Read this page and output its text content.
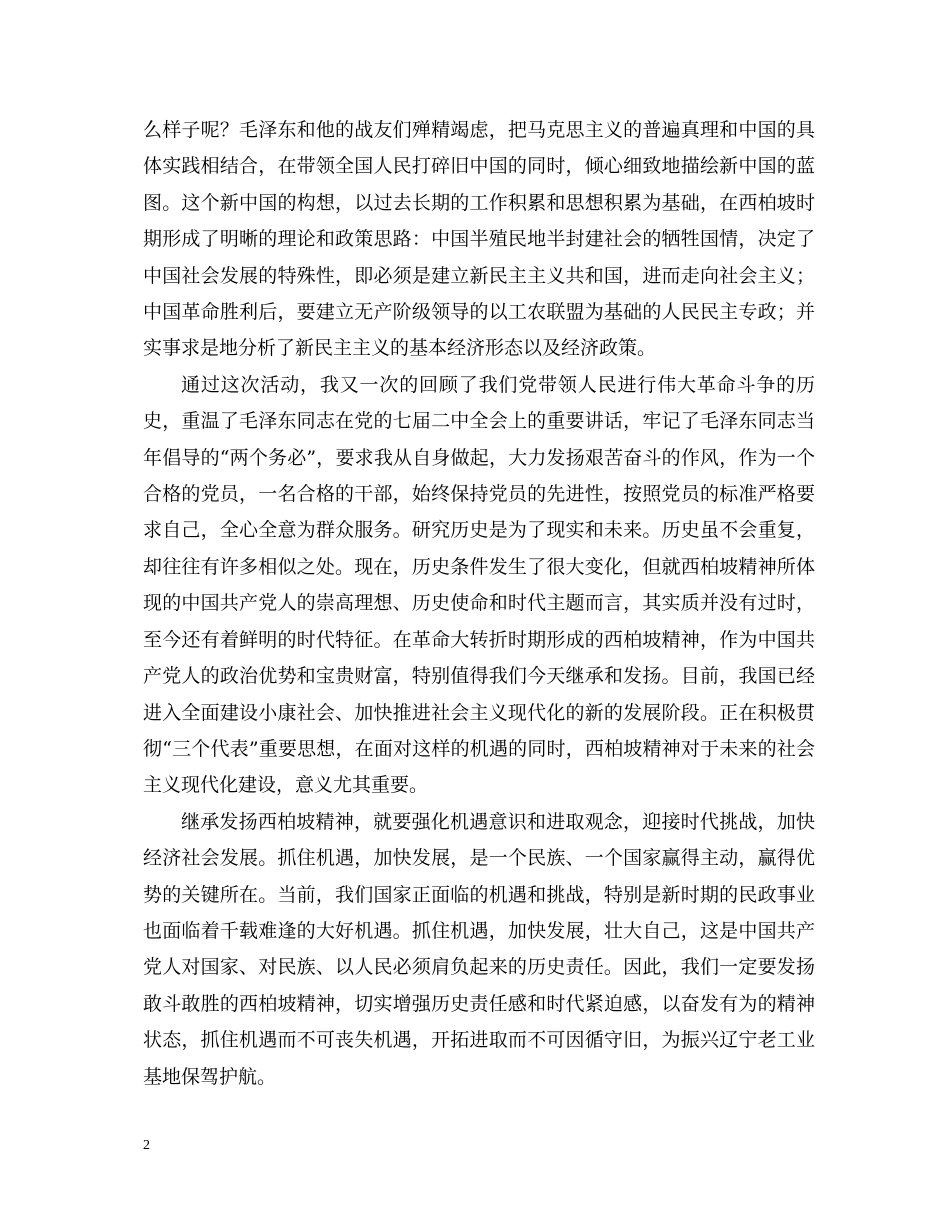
么样子呢？毛泽东和他的战友们殚精竭虑，把马克思主义的普遍真理和中国的具体实践相结合，在带领全国人民打碎旧中国的同时，倾心细致地描绘新中国的蓝图。这个新中国的构想，以过去长期的工作积累和思想积累为基础，在西柏坡时期形成了明晰的理论和政策思路：中国半殖民地半封建社会的牺牲国情，决定了中国社会发展的特殊性，即必须是建立新民主主义共和国，进而走向社会主义；中国革命胜利后，要建立无产阶级领导的以工农联盟为基础的人民民主专政；并实事求是地分析了新民主主义的基本经济形态以及经济政策。

通过这次活动，我又一次的回顾了我们党带领人民进行伟大革命斗争的历史，重温了毛泽东同志在党的七届二中全会上的重要讲话，牢记了毛泽东同志当年倡导的“两个务必”，要求我从自身做起，大力发扬艰苦奋斗的作风，作为一个合格的党员，一名合格的干部，始终保持党员的先进性，按照党员的标准严格要求自己，全心全意为群众服务。研究历史是为了现实和未来。历史虽不会重复，却往往有许多相似之处。现在，历史条件发生了很大变化，但就西柏坡精神所体现的中国共产党人的崇高理想、历史使命和时代主题而言，其实质并没有过时，至今还有着鲜明的时代特征。在革命大转折时期形成的西柏坡精神，作为中国共产党人的政治优势和宝贵财富，特别值得我们今天继承和发扬。目前，我国已经进入全面建设小康社会、加快推进社会主义现代化的新的发展阶段。正在积极贯彻“三个代表”重要思想，在面对这样的机遇的同时，西柏坡精神对于未来的社会主义现代化建设，意义尤其重要。

继承发扬西柏坡精神，就要强化机遇意识和进取观念，迎接时代挑战，加快经济社会发展。抓住机遇，加快发展，是一个民族、一个国家赢得主动，赢得优势的关键所在。当前，我们国家正面临的机遇和挑战，特别是新时期的民政事业也面临着千载难逢的大好机遇。抓住机遇，加快发展，壮大自己，这是中国共产党人对国家、对民族、以人民必须肩负起来的历史责任。因此，我们一定要发扬敢斗敢胜的西柏坡精神，切实增强历史责任感和时代紧迫感，以奋发有为的精神状态，抓住机遇而不可丧失机遇，开拓进取而不可因循守旧，为振兴辽宁老工业基地保驾护航。

2
